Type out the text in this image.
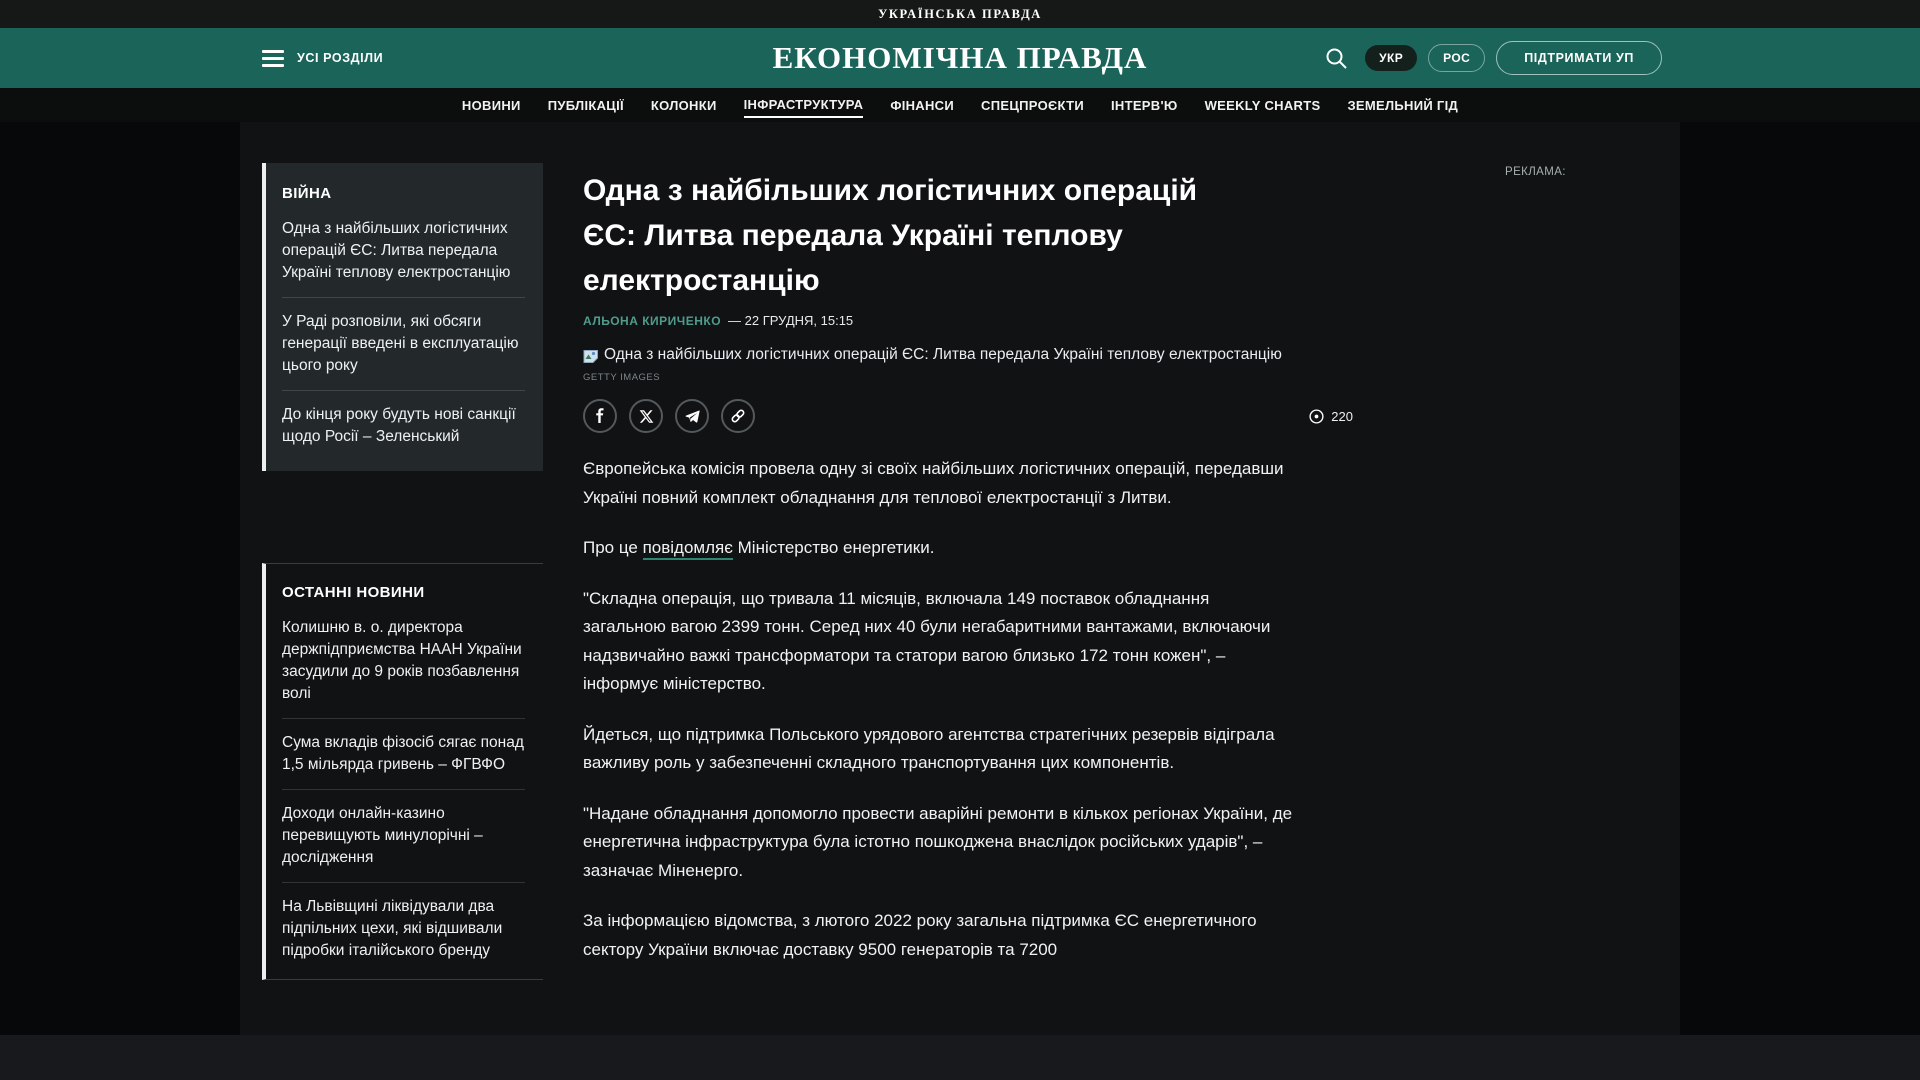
УКРАЇНСЬКА ПРАВДА
УСІ РОЗДІЛИ	ЕКОНОМІЧНА ПРАВДА	УКР	РОС	ПІДТРИМАТИ УП
НОВИНИ ПУБЛІКАЦІЇ КОЛОНКИ ІНФРАСТРУКТУРА ФІНАНСИ СПЕЦПРОЄКТИ ІНТЕРВ'Ю WEEKLY CHARTS ЗЕМЕЛЬНИЙ ГІД
ВІЙНА
Одна з найбільших логістичних операцій ЄС: Литва передала Україні теплову електростанцію
У Раді розповіли, які обсяги генерації введені в експлуатацію цього року
До кінця року будуть нові санкції щодо Росії – Зеленський
ОСТАННІ НОВИНИ
Колишню в. о. директора держпідприємства НААН України засудили до 9 років позбавлення волі
Сума вкладів фізосіб сягає понад 1,5 мільярда гривень – ФГВФО
Доходи онлайн-казино перевищують минулорічні – дослідження
На Львівщині ліквідували два підпільних цехи, які відшивали підробки італійського бренду
Одна з найбільших логістичних операцій ЄС: Литва передала Україні теплову електростанцію
АЛЬОНА КИРИЧЕНКО — 22 ГРУДНЯ, 15:15
Одна з найбільших логістичних операцій ЄС: Литва передала Україні теплову електростанцію
GETTY IMAGES
220

Європейська комісія провела одну зі своїх найбільших логістичних операцій, передавши Україні повний комплект обладнання для теплової електростанції з Литви.

Про це повідомляє Міністерство енергетики.

"Складна операція, що тривала 11 місяців, включала 149 поставок обладнання загальною вагою 2399 тонн. Серед них 40 були негабаритними вантажами, включаючи надзвичайно важкі трансформатори та статори вагою близько 172 тонн кожен", – інформує міністерство.

Йдеться, що підтримка Польського урядового агентства стратегічних резервів відіграла важливу роль у забезпеченні складного транспортування цих компонентів.

"Надане обладнання допомогло провести аварійні ремонти в кількох регіонах України, де енергетична інфраструктура була істотно пошкоджена внаслідок російських ударів", – зазначає Міненерго.

За інформацією відомства, з лютого 2022 року загальна підтримка ЄС енергетичного сектору України включає доставку 9500 генераторів та 7200

РЕКЛАМА:
